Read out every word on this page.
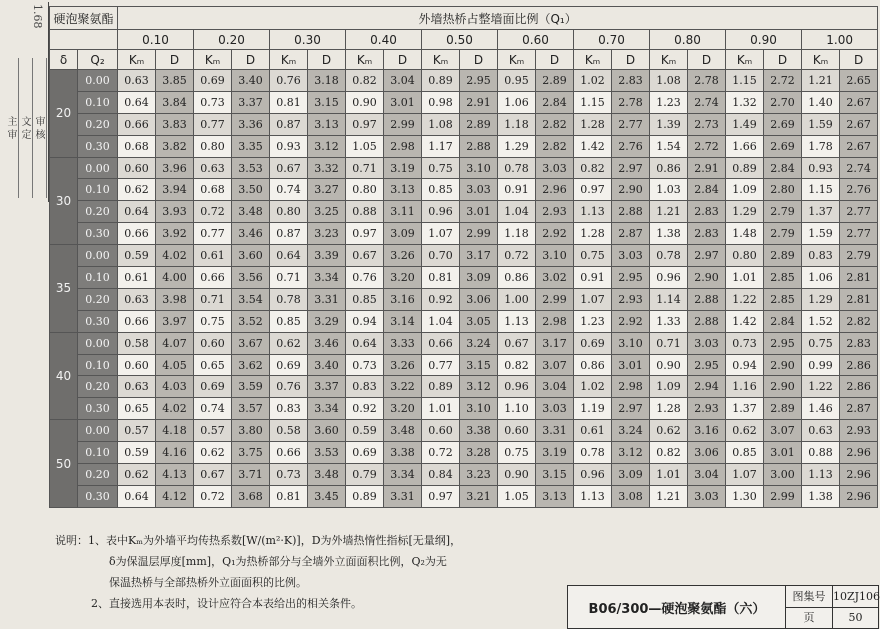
1.68
主 审 文 定 审 核
硬泡聚氨酯		外墙热桥占整墙面比例（Q₁）																			
		0.10		0.20		0.30		0.40		0.50		0.60		0.70		0.80		0.90		1.00	
δ	Q₂	Kₘ	D	Kₘ	D	Kₘ	D	Kₘ	D	Kₘ	D	Kₘ	D	Kₘ	D	Kₘ	D	Kₘ	D	Kₘ	D
20	0.00	0.63	3.85	0.69	3.40	0.76	3.18	0.82	3.04	0.89	2.95	0.95	2.89	1.02	2.83	1.08	2.78	1.15	2.72	1.21	2.65
	0.10	0.64	3.84	0.73	3.37	0.81	3.15	0.90	3.01	0.98	2.91	1.06	2.84	1.15	2.78	1.23	2.74	1.32	2.70	1.40	2.67
	0.20	0.66	3.83	0.77	3.36	0.87	3.13	0.97	2.99	1.08	2.89	1.18	2.82	1.28	2.77	1.39	2.73	1.49	2.69	1.59	2.67
	0.30	0.68	3.82	0.80	3.35	0.93	3.12	1.05	2.98	1.17	2.88	1.29	2.82	1.42	2.76	1.54	2.72	1.66	2.69	1.78	2.67
30	0.00	0.60	3.96	0.63	3.53	0.67	3.32	0.71	3.19	0.75	3.10	0.78	3.03	0.82	2.97	0.86	2.91	0.89	2.84	0.93	2.74
	0.10	0.62	3.94	0.68	3.50	0.74	3.27	0.80	3.13	0.85	3.03	0.91	2.96	0.97	2.90	1.03	2.84	1.09	2.80	1.15	2.76
	0.20	0.64	3.93	0.72	3.48	0.80	3.25	0.88	3.11	0.96	3.01	1.04	2.93	1.13	2.88	1.21	2.83	1.29	2.79	1.37	2.77
	0.30	0.66	3.92	0.77	3.46	0.87	3.23	0.97	3.09	1.07	2.99	1.18	2.92	1.28	2.87	1.38	2.83	1.48	2.79	1.59	2.77
35	0.00	0.59	4.02	0.61	3.60	0.64	3.39	0.67	3.26	0.70	3.17	0.72	3.10	0.75	3.03	0.78	2.97	0.80	2.89	0.83	2.79
	0.10	0.61	4.00	0.66	3.56	0.71	3.34	0.76	3.20	0.81	3.09	0.86	3.02	0.91	2.95	0.96	2.90	1.01	2.85	1.06	2.81
	0.20	0.63	3.98	0.71	3.54	0.78	3.31	0.85	3.16	0.92	3.06	1.00	2.99	1.07	2.93	1.14	2.88	1.22	2.85	1.29	2.81
	0.30	0.66	3.97	0.75	3.52	0.85	3.29	0.94	3.14	1.04	3.05	1.13	2.98	1.23	2.92	1.33	2.88	1.42	2.84	1.52	2.82
40	0.00	0.58	4.07	0.60	3.67	0.62	3.46	0.64	3.33	0.66	3.24	0.67	3.17	0.69	3.10	0.71	3.03	0.73	2.95	0.75	2.83
	0.10	0.60	4.05	0.65	3.62	0.69	3.40	0.73	3.26	0.77	3.15	0.82	3.07	0.86	3.01	0.90	2.95	0.94	2.90	0.99	2.86
	0.20	0.63	4.03	0.69	3.59	0.76	3.37	0.83	3.22	0.89	3.12	0.96	3.04	1.02	2.98	1.09	2.94	1.16	2.90	1.22	2.86
	0.30	0.65	4.02	0.74	3.57	0.83	3.34	0.92	3.20	1.01	3.10	1.10	3.03	1.19	2.97	1.28	2.93	1.37	2.89	1.46	2.87
50	0.00	0.57	4.18	0.57	3.80	0.58	3.60	0.59	3.48	0.60	3.38	0.60	3.31	0.61	3.24	0.62	3.16	0.62	3.07	0.63	2.93
	0.10	0.59	4.16	0.62	3.75	0.66	3.53	0.69	3.38	0.72	3.28	0.75	3.19	0.78	3.12	0.82	3.06	0.85	3.01	0.88	2.96
	0.20	0.62	4.13	0.67	3.71	0.73	3.48	0.79	3.34	0.84	3.23	0.90	3.15	0.96	3.09	1.01	3.04	1.07	3.00	1.13	2.96
	0.30	0.64	4.12	0.72	3.68	0.81	3.45	0.89	3.31	0.97	3.21	1.05	3.13	1.13	3.08	1.21	3.03	1.30	2.99	1.38	2.96
说明：1、表中Kₘ为外墙平均传热系数[W/(m²·K)]，D为外墙热惰性指标[无量纲]，
δ为保温层厚度[mm]，Q₁为热桥部分与全墙外立面面积比例，Q₂为无
保温热桥与全部热桥外立面面积的比例。
2、直接选用本表时，设计应符合本表给出的相关条件。	B06/300—硬泡聚氨酯（六）
图集号 10ZJ106
页	50
